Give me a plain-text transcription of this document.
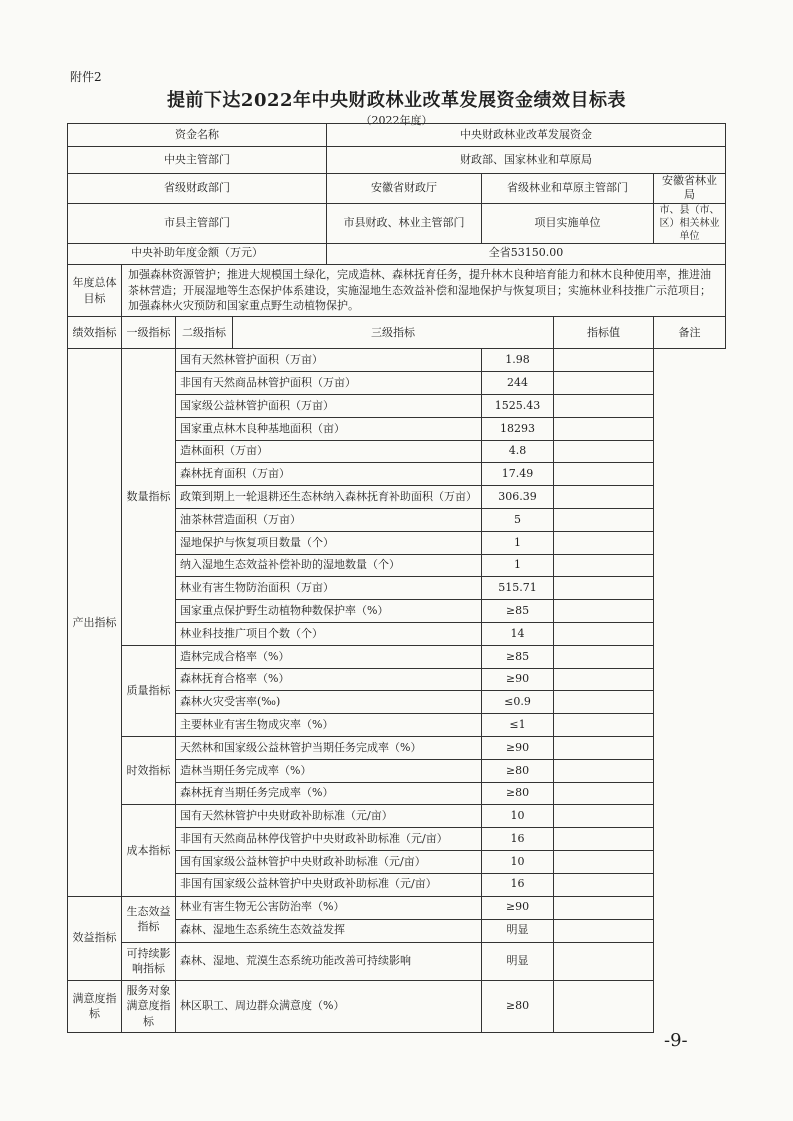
附件2
提前下达2022年中央财政林业改革发展资金绩效目标表
（2022年度）
资金名称				中央财政林业改革发展资金			
中央主管部门				财政部、国家林业和草原局			
省级财政部门				安徽省财政厅	省级林业和草原主管部门		安徽省林业局
市县主管部门				市县财政、林业主管部门	项目实施单位		市、县（市、区）相关林业单位
中央补助年度金额（万元）				全省53150.00			
年度总体目标	加强森林资源管护；推进大规模国土绿化，完成造林、森林抚育任务，提升林木良种培育能力和林木良种使用率，推进油茶林营造；开展湿地等生态保护体系建设，实施湿地生态效益补偿和湿地保护与恢复项目；实施林业科技推广示范项目；加强森林火灾预防和国家重点野生动植物保护。						
绩效指标	一级指标	二级指标	三级指标			指标值	备注
产出指标	数量指标	国有天然林管护面积（万亩）			1.98		
		非国有天然商品林管护面积（万亩）			244		
		国家级公益林管护面积（万亩）			1525.43		
		国家重点林木良种基地面积（亩）			18293		
		造林面积（万亩）			4.8		
		森林抚育面积（万亩）			17.49		
		政策到期上一轮退耕还生态林纳入森林抚育补助面积（万亩）			306.39		
		油茶林营造面积（万亩）			5		
		湿地保护与恢复项目数量（个）			1		
		纳入湿地生态效益补偿补助的湿地数量（个）			1		
		林业有害生物防治面积（万亩）			515.71		
		国家重点保护野生动植物种数保护率（%）			≥85		
		林业科技推广项目个数（个）			14		
	质量指标	造林完成合格率（%）			≥85		
		森林抚育合格率（%）			≥90		
		森林火灾受害率(‰)			≤0.9		
		主要林业有害生物成灾率（%）			≤1		
	时效指标	天然林和国家级公益林管护当期任务完成率（%）			≥90		
		造林当期任务完成率（%）			≥80		
		森林抚育当期任务完成率（%）			≥80		
	成本指标	国有天然林管护中央财政补助标准（元/亩）			10		
		非国有天然商品林停伐管护中央财政补助标准（元/亩）			16		
		国有国家级公益林管护中央财政补助标准（元/亩）			10		
		非国有国家级公益林管护中央财政补助标准（元/亩）			16		
效益指标	生态效益指标	林业有害生物无公害防治率（%）			≥90		
		森林、湿地生态系统生态效益发挥			明显		
	可持续影响指标	森林、湿地、荒漠生态系统功能改善可持续影响			明显		
满意度指标	服务对象满意度指标	林区职工、周边群众满意度（%）			≥80		
-9-
